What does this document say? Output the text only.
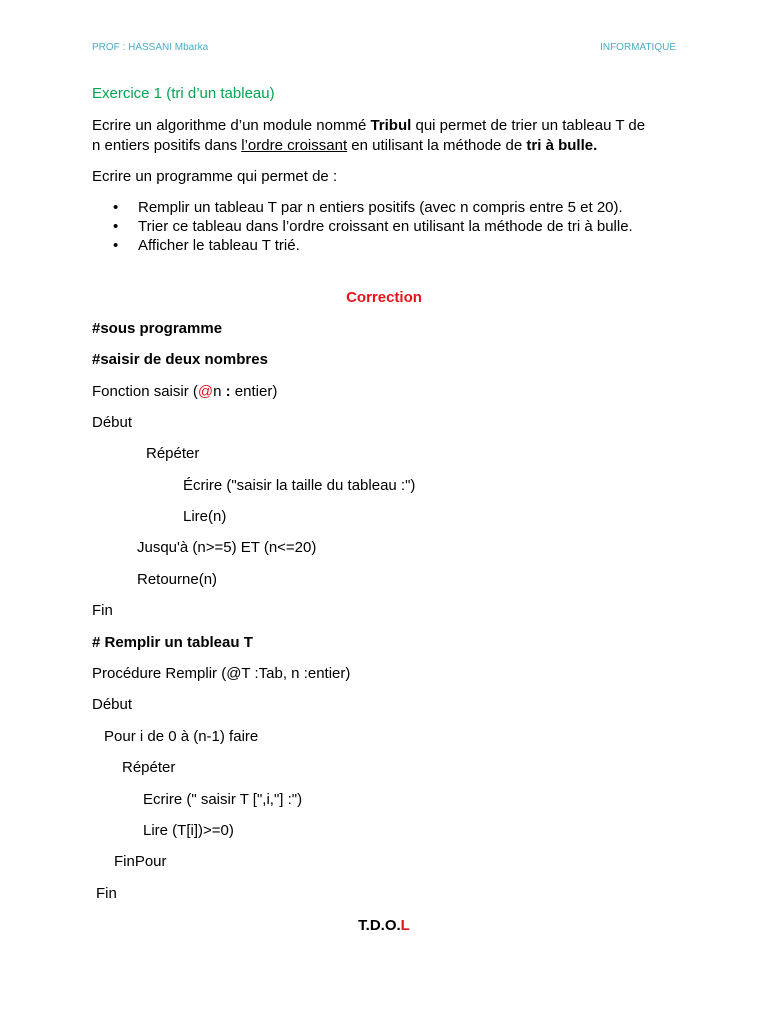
PROF : HASSANI Mbarka	INFORMATIQUE
Exercice 1 (tri d’un tableau)
Ecrire un algorithme d’un module nommé Tribul qui permet de trier un tableau T de
n entiers positifs dans l’ordre croissant en utilisant la méthode de tri à bulle.
Ecrire un programme qui permet de :
• Remplir un tableau T par n entiers positifs (avec n compris entre 5 et 20).
• Trier ce tableau dans l’ordre croissant en utilisant la méthode de tri à bulle.
• Afficher le tableau T trié.
Correction
#sous programme
#saisir de deux nombres
Fonction saisir (@n : entier)
Début
Répéter
Écrire ("saisir la taille du tableau :")
Lire(n)
Jusqu'à (n>=5) ET (n<=20)
Retourne(n)
Fin
# Remplir un tableau T
Procédure Remplir (@T :Tab, n :entier)
Début
Pour i de 0 à (n-1) faire
Répéter
Ecrire (" saisir T [",i,"] :")
Lire (T[i])>=0)
FinPour
Fin
T.D.O.L
